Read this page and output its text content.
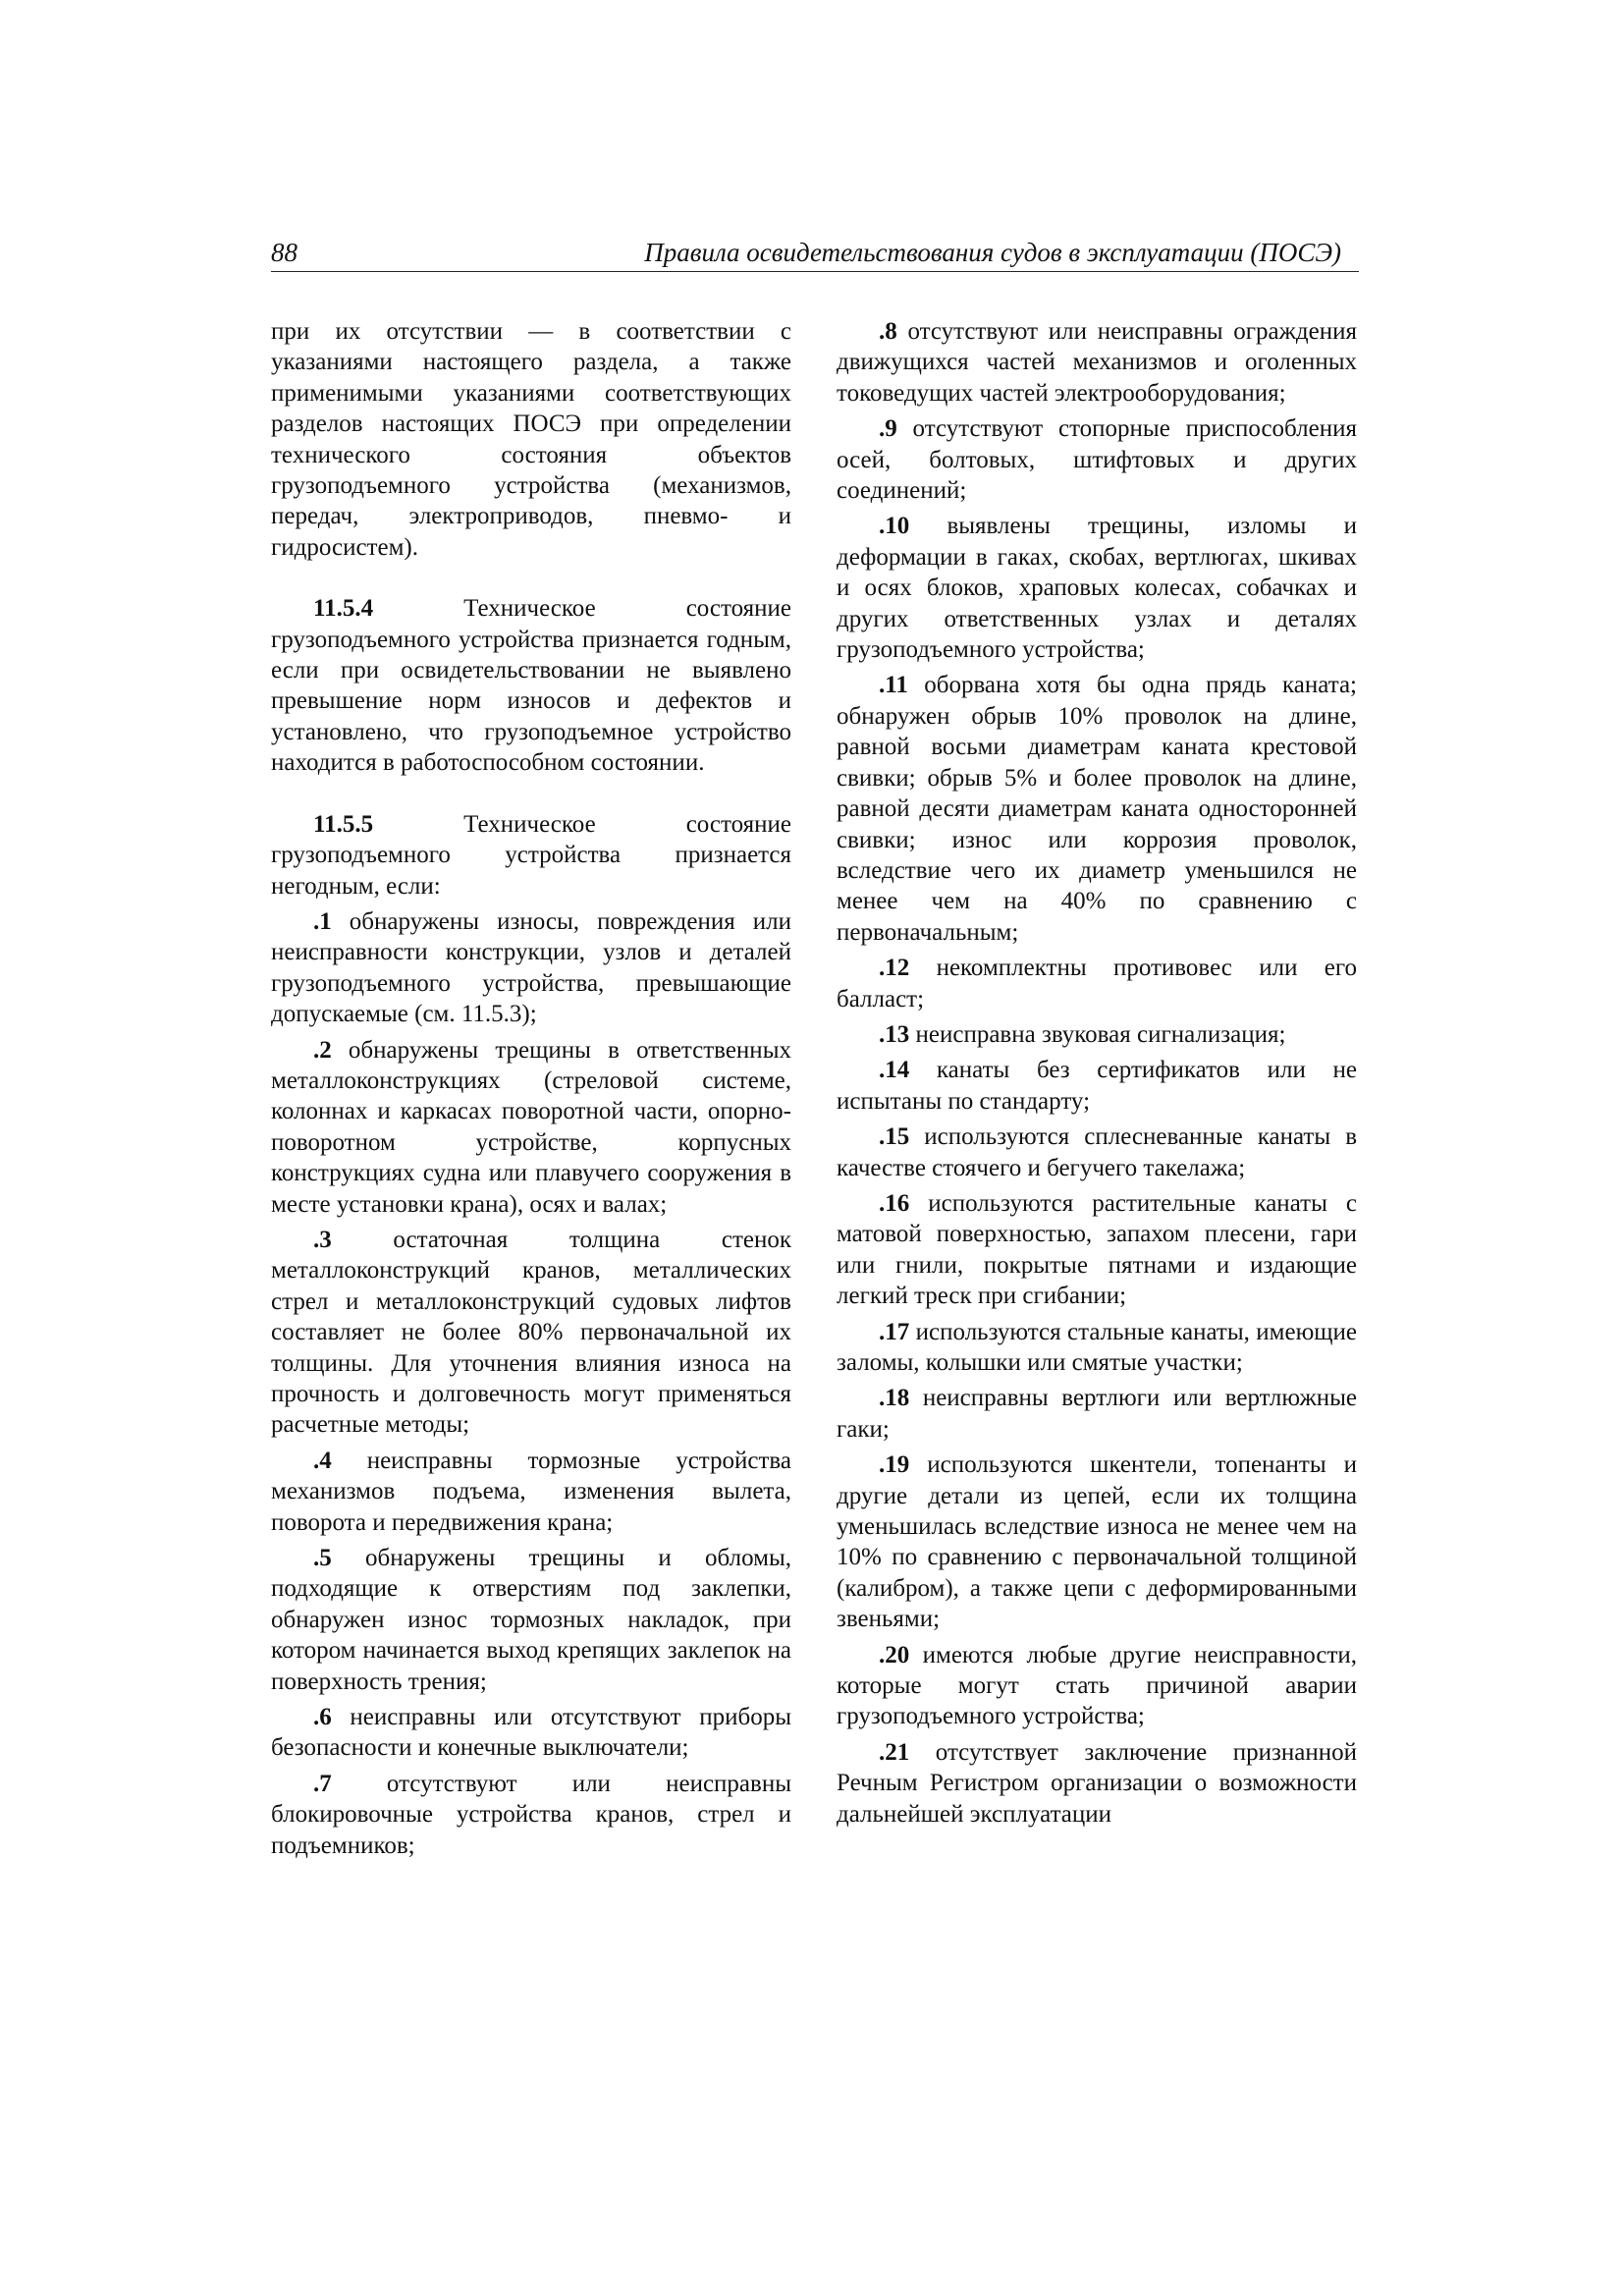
88	Правила освидетельствования судов в эксплуатации (ПОСЭ)

при их отсутствии — в соответствии с указаниями настоящего раздела, а также применимыми указаниями соответствующих разделов настоящих ПОСЭ при определении технического состояния объектов грузоподъемного устройства (механизмов, передач, электроприводов, пневмо- и гидросистем).

11.5.4 Техническое состояние грузоподъемного устройства признается годным, если при освидетельствовании не выявлено превышение норм износов и дефектов и установлено, что грузоподъемное устройство находится в работоспособном состоянии.

11.5.5 Техническое состояние грузоподъемного устройства признается негодным, если:

.1 обнаружены износы, повреждения или неисправности конструкции, узлов и деталей грузоподъемного устройства, превышающие допускаемые (см. 11.5.3);

.2 обнаружены трещины в ответственных металлоконструкциях (стреловой системе, колоннах и каркасах поворотной части, опорно-поворотном устройстве, корпусных конструкциях судна или плавучего сооружения в месте установки крана), осях и валах;

.3 остаточная толщина стенок металлоконструкций кранов, металлических стрел и металлоконструкций судовых лифтов составляет не более 80% первоначальной их толщины. Для уточнения влияния износа на прочность и долговечность могут применяться расчетные методы;

.4 неисправны тормозные устройства механизмов подъема, изменения вылета, поворота и передвижения крана;

.5 обнаружены трещины и обломы, подходящие к отверстиям под заклепки, обнаружен износ тормозных накладок, при котором начинается выход крепящих заклепок на поверхность трения;

.6 неисправны или отсутствуют приборы безопасности и конечные выключатели;

.7 отсутствуют или неисправны блокировочные устройства кранов, стрел и подъемников;

.8 отсутствуют или неисправны ограждения движущихся частей механизмов и оголенных токоведущих частей электрооборудования;

.9 отсутствуют стопорные приспособления осей, болтовых, штифтовых и других соединений;

.10 выявлены трещины, изломы и деформации в гаках, скобах, вертлюгах, шкивах и осях блоков, храповых колесах, собачках и других ответственных узлах и деталях грузоподъемного устройства;

.11 оборвана хотя бы одна прядь каната; обнаружен обрыв 10% проволок на длине, равной восьми диаметрам каната крестовой свивки; обрыв 5% и более проволок на длине, равной десяти диаметрам каната односторонней свивки; износ или коррозия проволок, вследствие чего их диаметр уменьшился не менее чем на 40% по сравнению с первоначальным;

.12 некомплектны противовес или его балласт;

.13 неисправна звуковая сигнализация;

.14 канаты без сертификатов или не испытаны по стандарту;

.15 используются сплесневанные канаты в качестве стоячего и бегучего такелажа;

.16 используются растительные канаты с матовой поверхностью, запахом плесени, гари или гнили, покрытые пятнами и издающие легкий треск при сгибании;

.17 используются стальные канаты, имеющие заломы, колышки или смятые участки;

.18 неисправны вертлюги или вертлюжные гаки;

.19 используются шкентели, топенанты и другие детали из цепей, если их толщина уменьшилась вследствие износа не менее чем на 10% по сравнению с первоначальной толщиной (калибром), а также цепи с деформированными звеньями;

.20 имеются любые другие неисправности, которые могут стать причиной аварии грузоподъемного устройства;

.21 отсутствует заключение признанной Речным Регистром организации о возможности дальнейшей эксплуатации
